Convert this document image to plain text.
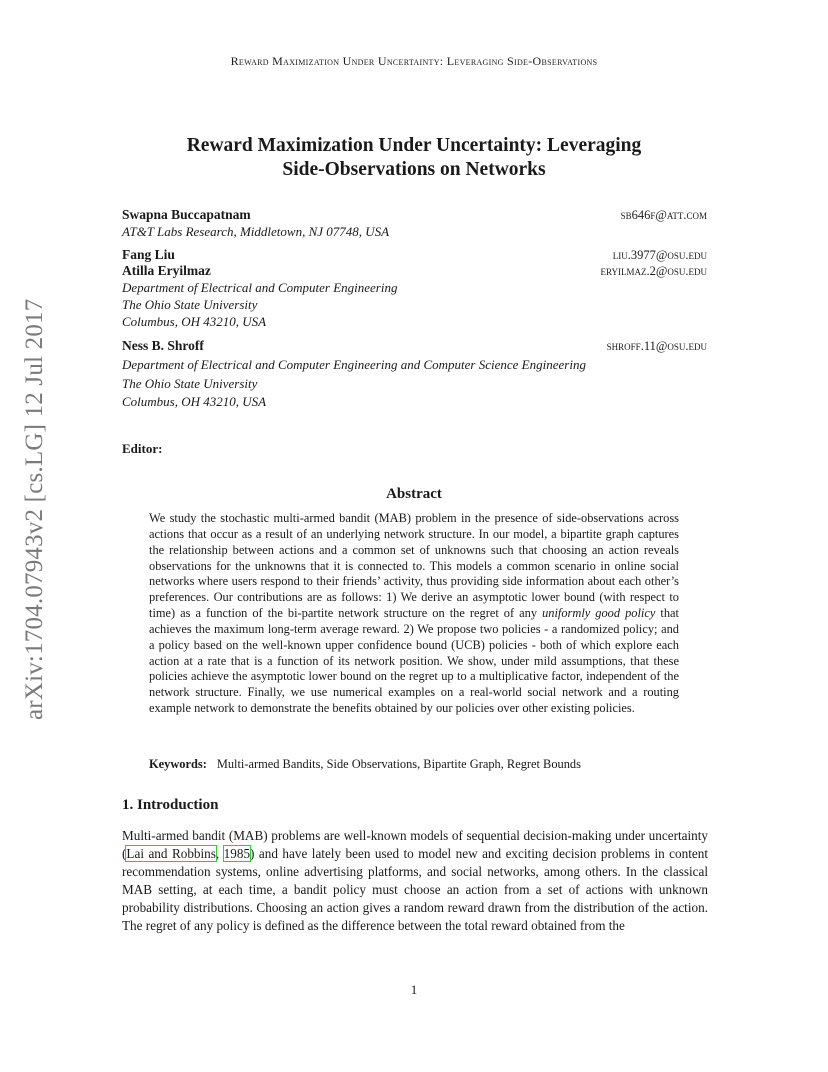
Reward Maximization Under Uncertainty: Leveraging Side-Observations
arXiv:1704.07943v2 [cs.LG] 12 Jul 2017
Reward Maximization Under Uncertainty: Leveraging
Side-Observations on Networks
Swapna Buccapatnam	sb646f@att.com
AT&T Labs Research, Middletown, NJ 07748, USA
Fang Liu	liu.3977@osu.edu
Atilla Eryilmaz	eryilmaz.2@osu.edu
Department of Electrical and Computer Engineering
The Ohio State University
Columbus, OH 43210, USA
Ness B. Shroff	shroff.11@osu.edu
Department of Electrical and Computer Engineering and Computer Science Engineering
The Ohio State University
Columbus, OH 43210, USA
Editor:
Abstract
We study the stochastic multi-armed bandit (MAB) problem in the presence of side-observations across actions that occur as a result of an underlying network structure. In our model, a bipartite graph captures the relationship between actions and a common set of unknowns such that choosing an action reveals observations for the unknowns that it is connected to. This models a common scenario in online social networks where users respond to their friends’ activity, thus providing side information about each other’s preferences. Our contributions are as follows: 1) We derive an asymptotic lower bound (with respect to time) as a function of the bi-partite network structure on the regret of any uniformly good policy that achieves the maximum long-term average reward. 2) We propose two policies - a randomized policy; and a policy based on the well-known upper confidence bound (UCB) policies - both of which explore each action at a rate that is a function of its network position. We show, under mild assumptions, that these policies achieve the asymptotic lower bound on the regret up to a multiplicative factor, independent of the network structure. Finally, we use numerical examples on a real-world social network and a routing example network to demonstrate the benefits obtained by our policies over other existing policies.
Keywords: Multi-armed Bandits, Side Observations, Bipartite Graph, Regret Bounds
1. Introduction
Multi-armed bandit (MAB) problems are well-known models of sequential decision-making under uncertainty (Lai and Robbins, 1985) and have lately been used to model new and exciting decision problems in content recommendation systems, online advertising platforms, and social networks, among others. In the classical MAB setting, at each time, a bandit policy must choose an action from a set of actions with unknown probability distributions. Choosing an action gives a random reward drawn from the distribution of the action. The regret of any policy is defined as the difference between the total reward obtained from the
1
